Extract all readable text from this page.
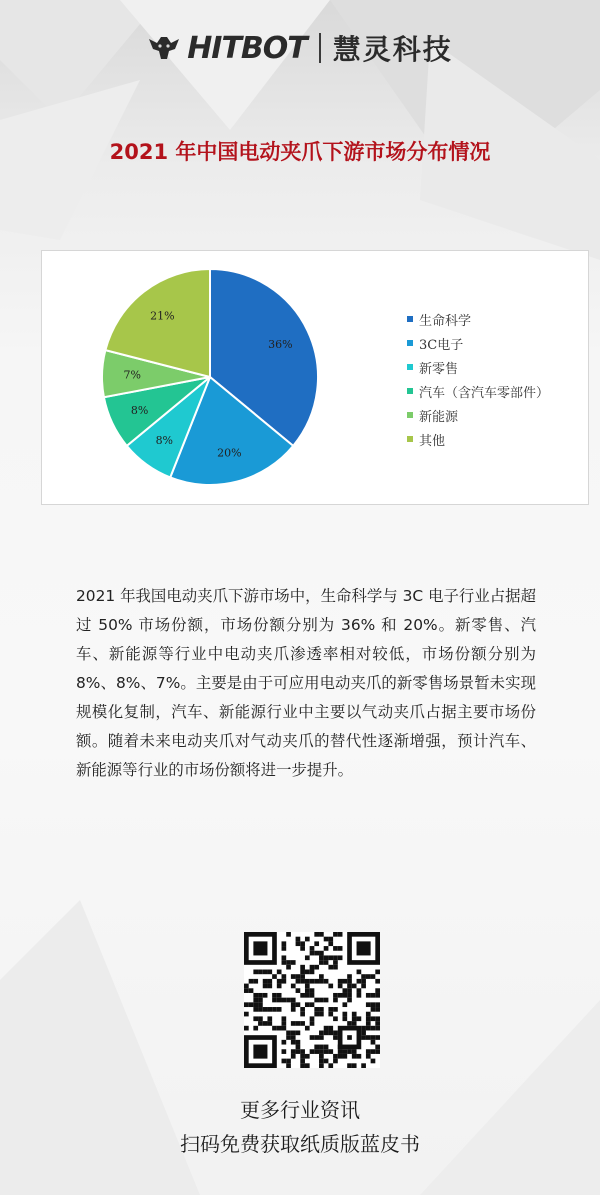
HITBOT 慧灵科技
2021 年中国电动夹爪下游市场分布情况
36%
20%
8%
8%
7%
21%	生命科学
3C电子
新零售
汽车（含汽车零部件）
新能源
其他
2021 年我国电动夹爪下游市场中，生命科学与 3C 电子行业占据超过 50% 市场份额，市场份额分别为 36% 和 20%。新零售、汽车、新能源等行业中电动夹爪渗透率相对较低，市场份额分别为 8%、8%、7%。主要是由于可应用电动夹爪的新零售场景暂未实现规模化复制，汽车、新能源行业中主要以气动夹爪占据主要市场份额。随着未来电动夹爪对气动夹爪的替代性逐渐增强，预计汽车、新能源等行业的市场份额将进一步提升。
更多行业资讯
扫码免费获取纸质版蓝皮书
